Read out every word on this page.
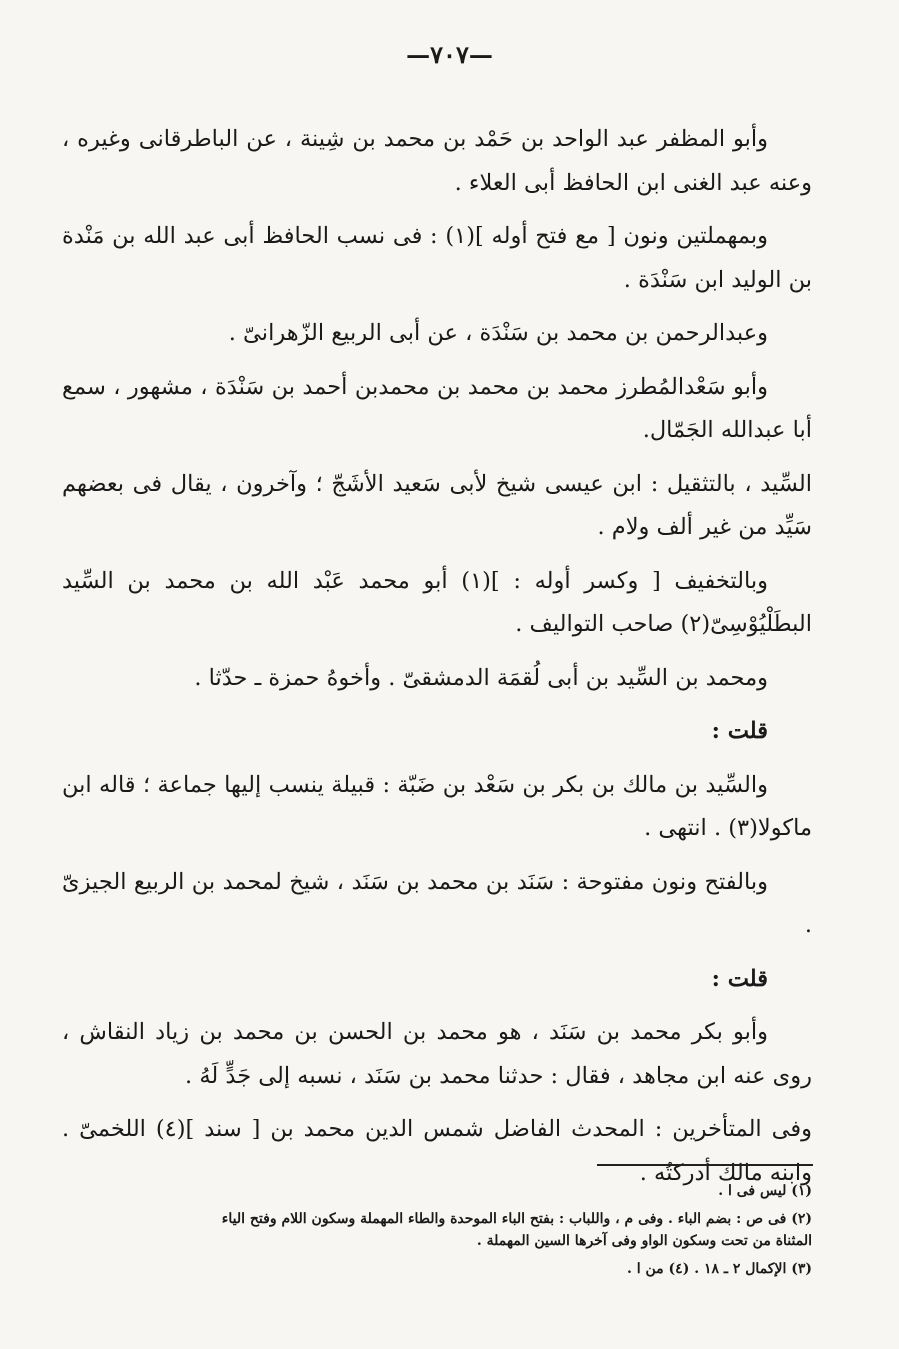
—٧٠٧—

وأبو المظفر عبد الواحد بن حَمْد بن محمد بن شِينة ، عن الباطرقانى وغيره ، وعنه عبد الغنى ابن الحافظ أبى العلاء .

وبمهملتين ونون [ مع فتح أوله ](١) : فى نسب الحافظ أبى عبد الله بن مَنْدة بن الوليد ابن سَنْدَة .

وعبدالرحمن بن محمد بن سَنْدَة ، عن أبى الربيع الزّهرانىّ .

وأبو سَعْدالمُطرز محمد بن محمد بن محمدبن أحمد بن سَنْدَة ، مشهور ، سمع أبا عبدالله الجَمّال.

السِّيد ، بالتثقيل : ابن عيسى شيخ لأبى سَعيد الأشَجّ ؛ وآخرون ، يقال فى بعضهم سَيِّد من غير ألف ولام .

وبالتخفيف [ وكسر أوله : ](١) أبو محمد عَبْد الله بن محمد بن السِّيد البطَلْيُوْسِىّ(٢) صاحب التواليف .

ومحمد بن السِّيد بن أبى لُقمَة الدمشقىّ . وأخوهُ حمزة ـ حدّثا .

قلت :

والسِّيد بن مالك بن بكر بن سَعْد بن ضَبّة : قبيلة ينسب إليها جماعة ؛ قاله ابن ماكولا(٣) . انتهى .

وبالفتح ونون مفتوحة : سَنَد بن محمد بن سَنَد ، شيخ لمحمد بن الربيع الجيزىّ .

قلت :

وأبو بكر محمد بن سَنَد ، هو محمد بن الحسن بن محمد بن زياد النقاش ، روى عنه ابن مجاهد ، فقال : حدثنا محمد بن سَنَد ، نسبه إلى جَدٍّ لَهُ .

وفى المتأخرين : المحدث الفاضل شمس الدين محمد بن [ سند ](٤) اللخمىّ . وابنه مالك أدركتُه .

(١) ليس فى ا .

(٢) فى ص : بضم الباء . وفى م ، واللباب : بفتح الباء الموحدة والطاء المهملة وسكون اللام وفتح الياء

المثناة من تحت وسكون الواو وفى آخرها السين المهملة .

(٣) الإكمال ٢ ـ ١٨ . (٤) من ا .
